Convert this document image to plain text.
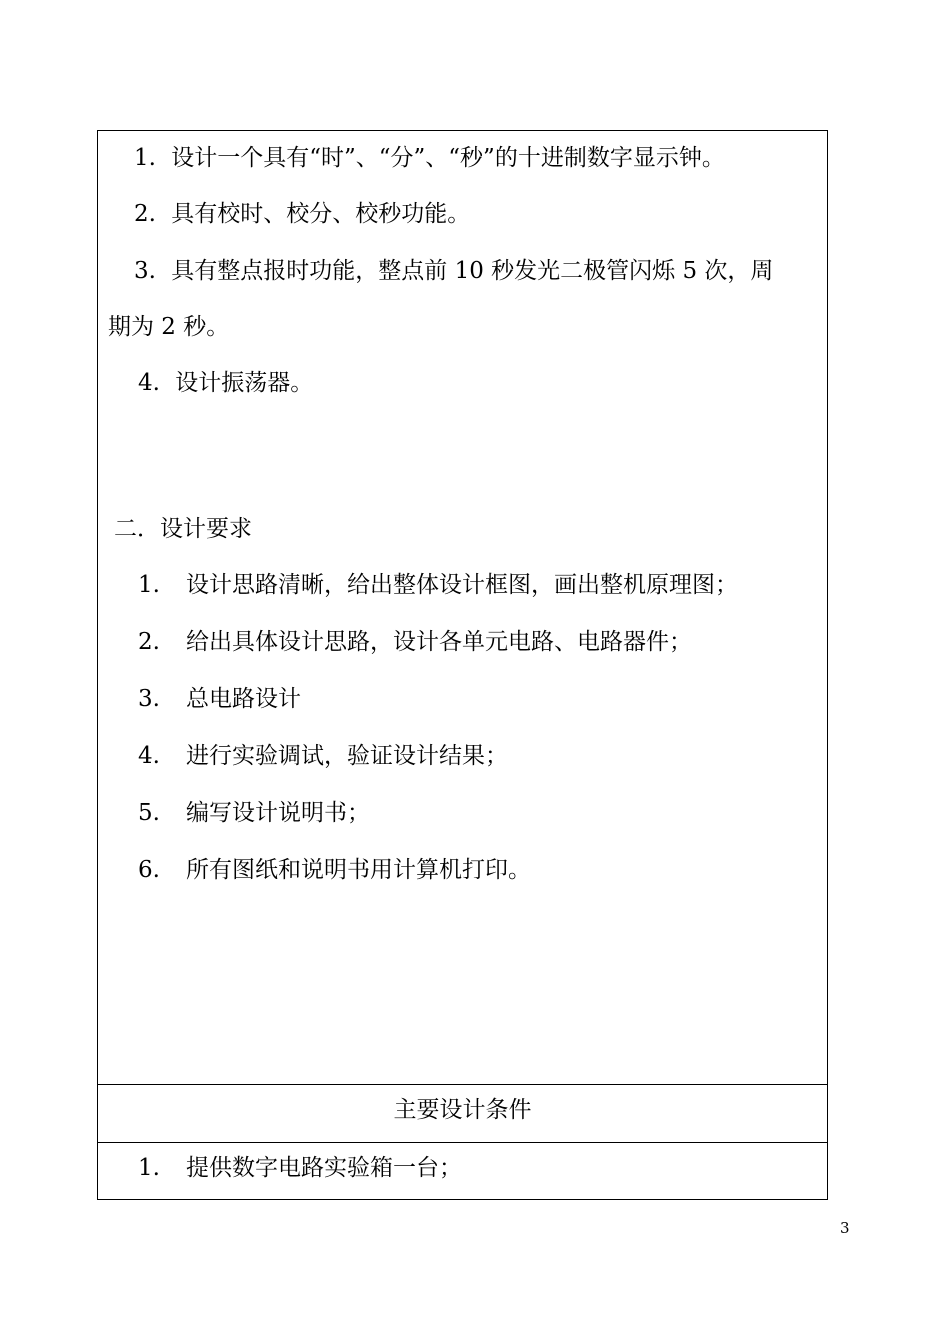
1. 设计一个具有“时”、“分”、“秒”的十进制数字显示钟。
2. 具有校时、校分、校秒功能。
3. 具有整点报时功能，整点前 10 秒发光二极管闪烁 5 次，周
期为 2 秒。
4. 设计振荡器。
二．设计要求
1. 设计思路清晰，给出整体设计框图，画出整机原理图；
2. 给出具体设计思路，设计各单元电路、电路器件；
3. 总电路设计
4. 进行实验调试，验证设计结果；
5. 编写设计说明书；
6. 所有图纸和说明书用计算机打印。
主要设计条件
1. 提供数字电路实验箱一台；
3
